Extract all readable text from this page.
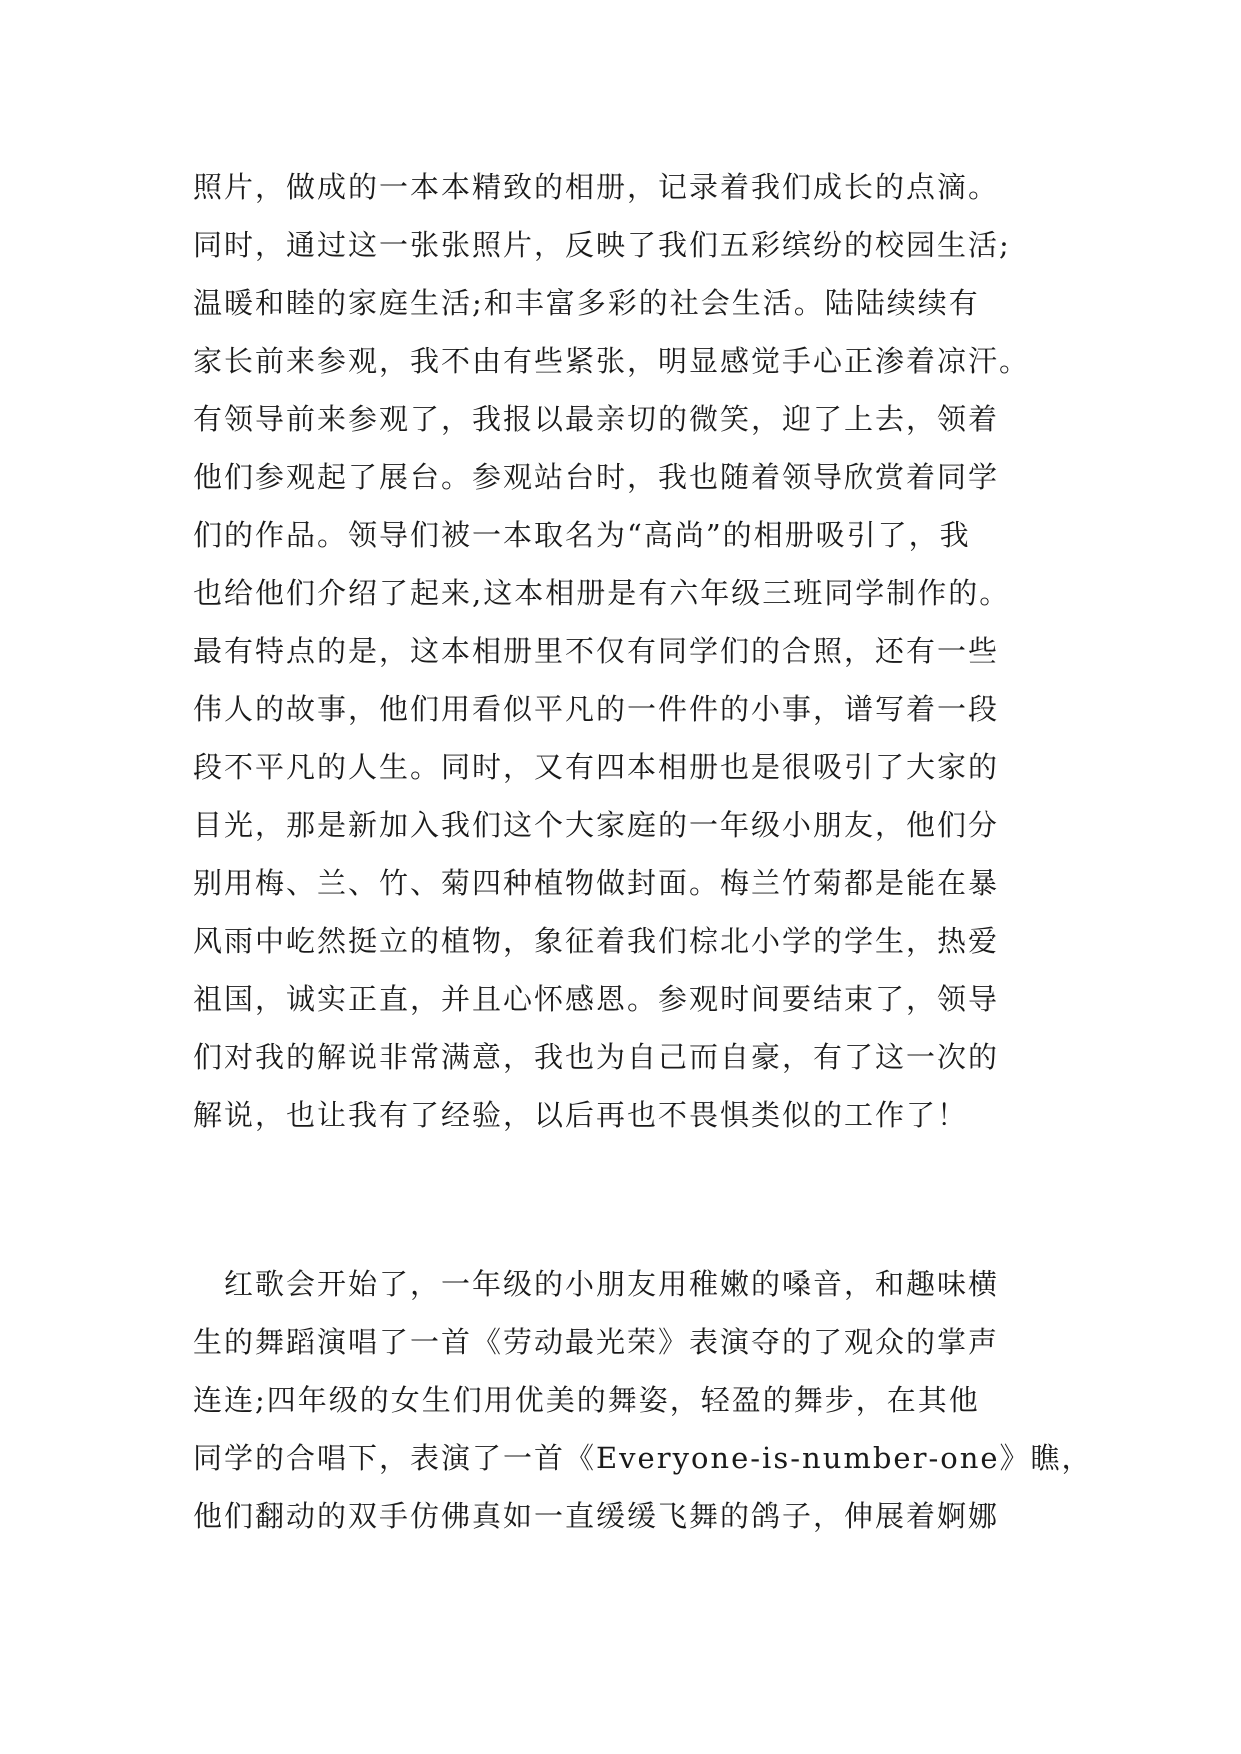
照片，做成的一本本精致的相册，记录着我们成长的点滴。
同时，通过这一张张照片，反映了我们五彩缤纷的校园生活;
温暖和睦的家庭生活;和丰富多彩的社会生活。陆陆续续有
家长前来参观，我不由有些紧张，明显感觉手心正渗着凉汗。
有领导前来参观了，我报以最亲切的微笑，迎了上去，领着
他们参观起了展台。参观站台时，我也随着领导欣赏着同学
们的作品。领导们被一本取名为“高尚”的相册吸引了，我
也给他们介绍了起来,这本相册是有六年级三班同学制作的。
最有特点的是，这本相册里不仅有同学们的合照，还有一些
伟人的故事，他们用看似平凡的一件件的小事，谱写着一段
段不平凡的人生。同时，又有四本相册也是很吸引了大家的
目光，那是新加入我们这个大家庭的一年级小朋友，他们分
别用梅、兰、竹、菊四种植物做封面。梅兰竹菊都是能在暴
风雨中屹然挺立的植物，象征着我们棕北小学的学生，热爱
祖国，诚实正直，并且心怀感恩。参观时间要结束了，领导
们对我的解说非常满意，我也为自己而自豪，有了这一次的
解说，也让我有了经验，以后再也不畏惧类似的工作了！
　红歌会开始了，一年级的小朋友用稚嫩的嗓音，和趣味横
生的舞蹈演唱了一首《劳动最光荣》表演夺的了观众的掌声
连连;四年级的女生们用优美的舞姿，轻盈的舞步，在其他
同学的合唱下，表演了一首《Everyone-is-number-one》瞧，
他们翻动的双手仿佛真如一直缓缓飞舞的鸽子，伸展着婀娜
